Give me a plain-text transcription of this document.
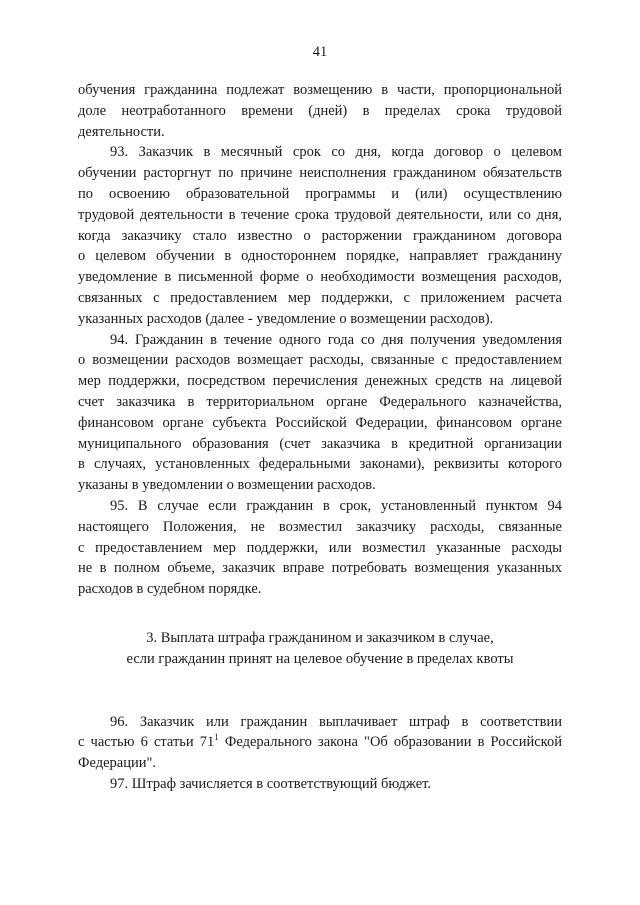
41
обучения гражданина подлежат возмещению в части, пропорциональной
доле неотработанного времени (дней) в пределах срока трудовой
деятельности.
93. Заказчик в месячный срок со дня, когда договор о целевом
обучении расторгнут по причине неисполнения гражданином обязательств
по освоению образовательной программы и (или) осуществлению
трудовой деятельности в течение срока трудовой деятельности, или со дня,
когда заказчику стало известно о расторжении гражданином договора
о целевом обучении в одностороннем порядке, направляет гражданину
уведомление в письменной форме о необходимости возмещения расходов,
связанных с предоставлением мер поддержки, с приложением расчета
указанных расходов (далее - уведомление о возмещении расходов).
94. Гражданин в течение одного года со дня получения уведомления
о возмещении расходов возмещает расходы, связанные с предоставлением
мер поддержки, посредством перечисления денежных средств на лицевой
счет заказчика в территориальном органе Федерального казначейства,
финансовом органе субъекта Российской Федерации, финансовом органе
муниципального образования (счет заказчика в кредитной организации
в случаях, установленных федеральными законами), реквизиты которого
указаны в уведомлении о возмещении расходов.
95. В случае если гражданин в срок, установленный пунктом 94
настоящего Положения, не возместил заказчику расходы, связанные
с предоставлением мер поддержки, или возместил указанные расходы
не в полном объеме, заказчик вправе потребовать возмещения указанных
расходов в судебном порядке.
3. Выплата штрафа гражданином и заказчиком в случае,
если гражданин принят на целевое обучение в пределах квоты
96. Заказчик или гражданин выплачивает штраф в соответствии
с частью 6 статьи $71^1$ Федерального закона "Об образовании в Российской
Федерации".
97. Штраф зачисляется в соответствующий бюджет.
